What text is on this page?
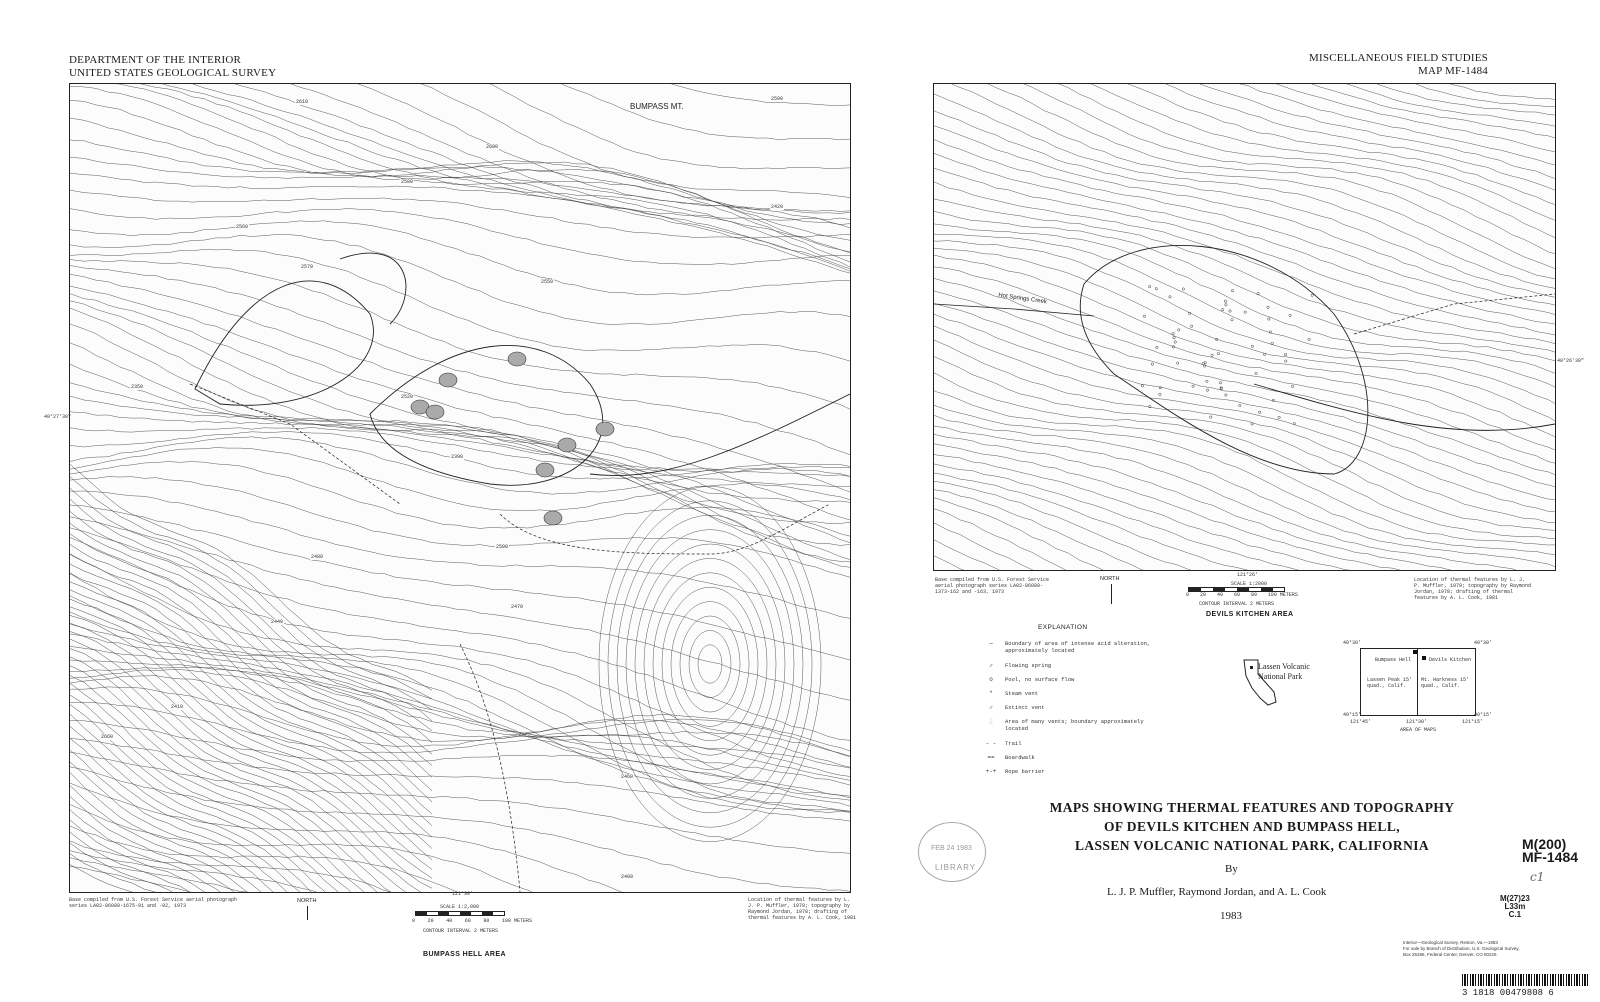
DEPARTMENT OF THE INTERIOR
UNITED STATES GEOLOGICAL SURVEY
MISCELLANEOUS FIELD STUDIES
MAP MF-1484
BUMPASS MT.
2610
2600
2580
2560
2590
2570
2550
2520
2500
2480
2470
2460
2440
2420
2410
2400
2390
2350
2660
40°27'30"
Base compiled from U.S. Forest Service aerial photograph series LA02-06089-1675-91 and -92, 1973
NORTH
121°30'
SCALE 1:2,000
0	20	40	60	80	100 METERS
CONTOUR INTERVAL 2 METERS
Location of thermal features by L. J. P. Muffler, 1979; topography by Raymond Jordan, 1978; drafting of thermal features by A. L. Cook, 1981
BUMPASS HELL AREA
Hot Springs Creek
40°26'30"
Base compiled from U.S. Forest Service aerial photograph series LA02-06089-1373-162 and -163, 1973
NORTH
121°26'
SCALE 1:2000
0 20 40 60 80 100 METERS
CONTOUR INTERVAL 2 METERS
Location of thermal features by L. J. P. Muffler, 1979; topography by Raymond Jordan, 1978; drafting of thermal features by A. L. Cook, 1981
DEVILS KITCHEN AREA
EXPLANATION
—	Boundary of area of intense acid alteration, approximately located
♂	Flowing spring
o	Pool, no surface flow
*	Steam vent
♂	Extinct vent
░	Area of many vents; boundary approximately located
- -	Trail
==	Boardwalk
+-+	Rope barrier
Lassen Volcanic National Park
Bumpass Hell	Devils Kitchen
Lassen Peak 15' quad., Calif.
Mt. Harkness 15' quad., Calif.
40°30'	40°30'
40°15'	40°15'
121°45'	121°30'	121°15'
AREA OF MAPS
MAPS SHOWING THERMAL FEATURES AND TOPOGRAPHY
OF DEVILS KITCHEN AND BUMPASS HELL,
LASSEN VOLCANIC NATIONAL PARK, CALIFORNIA
By
L. J. P. Muffler, Raymond Jordan, and A. L. Cook
1983
Interior—Geological Survey, Reston, Va.—1983
For sale by Branch of Distribution, U.S. Geological Survey,
Box 25286, Federal Center, Denver, CO 80225
FEB 24 1983
LIBRARY
M(200)
MF-1484
c1
M(27)23
L33m
C.1
3 1818 00479808 6
